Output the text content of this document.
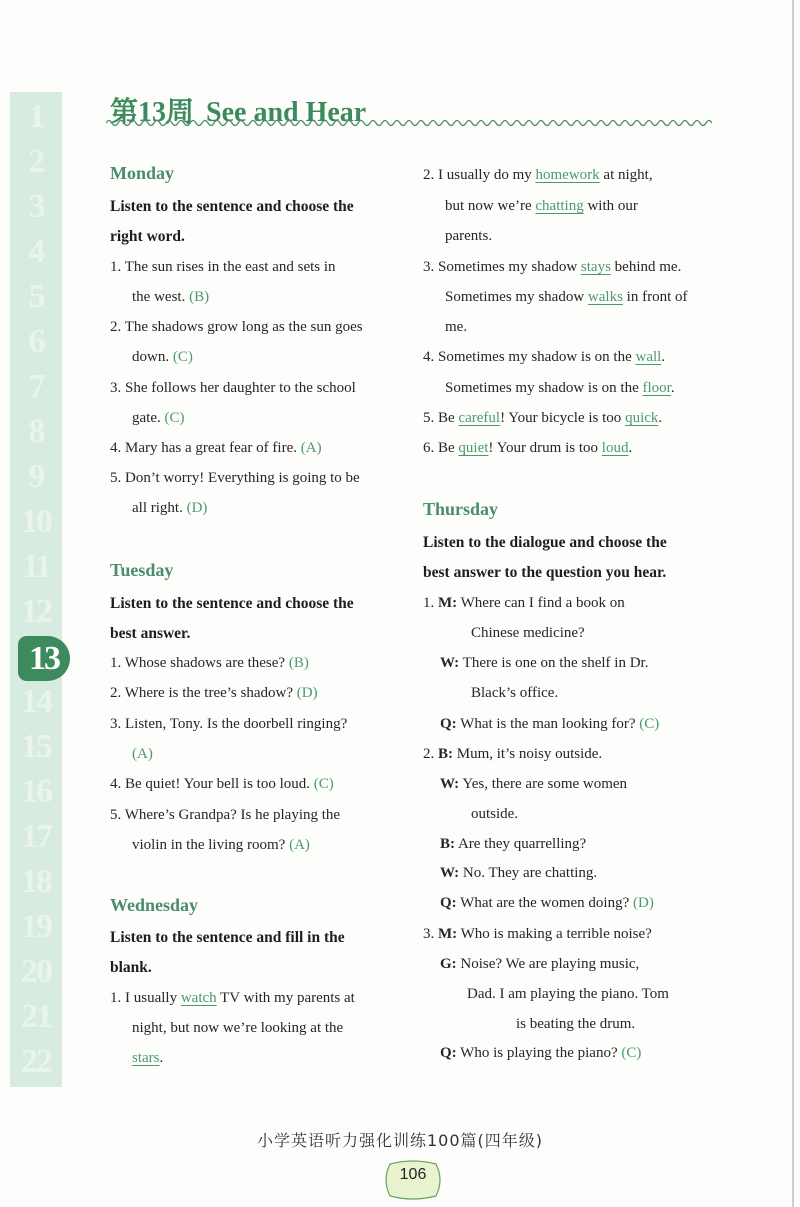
1
2
3
4
5
6
7
8
9
10
11
12
13
14
15
16
17
18
19
20
21
22
第13周 See and Hear
Monday
Listen to the sentence and choose the
right word.
1. The sun rises in the east and sets in
the west. (B)
2. The shadows grow long as the sun goes
down. (C)
3. She follows her daughter to the school
gate. (C)
4. Mary has a great fear of fire. (A)
5. Don’t worry! Everything is going to be
all right. (D)
Tuesday
Listen to the sentence and choose the
best answer.
1. Whose shadows are these? (B)
2. Where is the tree’s shadow? (D)
3. Listen, Tony. Is the doorbell ringing?
(A)
4. Be quiet! Your bell is too loud. (C)
5. Where’s Grandpa? Is he playing the
violin in the living room? (A)
Wednesday
Listen to the sentence and fill in the
blank.
1. I usually watch TV with my parents at
night, but now we’re looking at the
stars.
2. I usually do my homework at night,
but now we’re chatting with our
parents.
3. Sometimes my shadow stays behind me.
Sometimes my shadow walks in front of
me.
4. Sometimes my shadow is on the wall.
Sometimes my shadow is on the floor.
5. Be careful! Your bicycle is too quick.
6. Be quiet! Your drum is too loud.
Thursday
Listen to the dialogue and choose the
best answer to the question you hear.
1. M: Where can I find a book on
Chinese medicine?
W: There is one on the shelf in Dr.
Black’s office.
Q: What is the man looking for? (C)
2. B: Mum, it’s noisy outside.
W: Yes, there are some women
outside.
B: Are they quarrelling?
W: No. They are chatting.
Q: What are the women doing? (D)
3. M: Who is making a terrible noise?
G: Noise? We are playing music,
Dad. I am playing the piano. Tom
is beating the drum.
Q: Who is playing the piano? (C)
小学英语听力强化训练100篇(四年级)
106
